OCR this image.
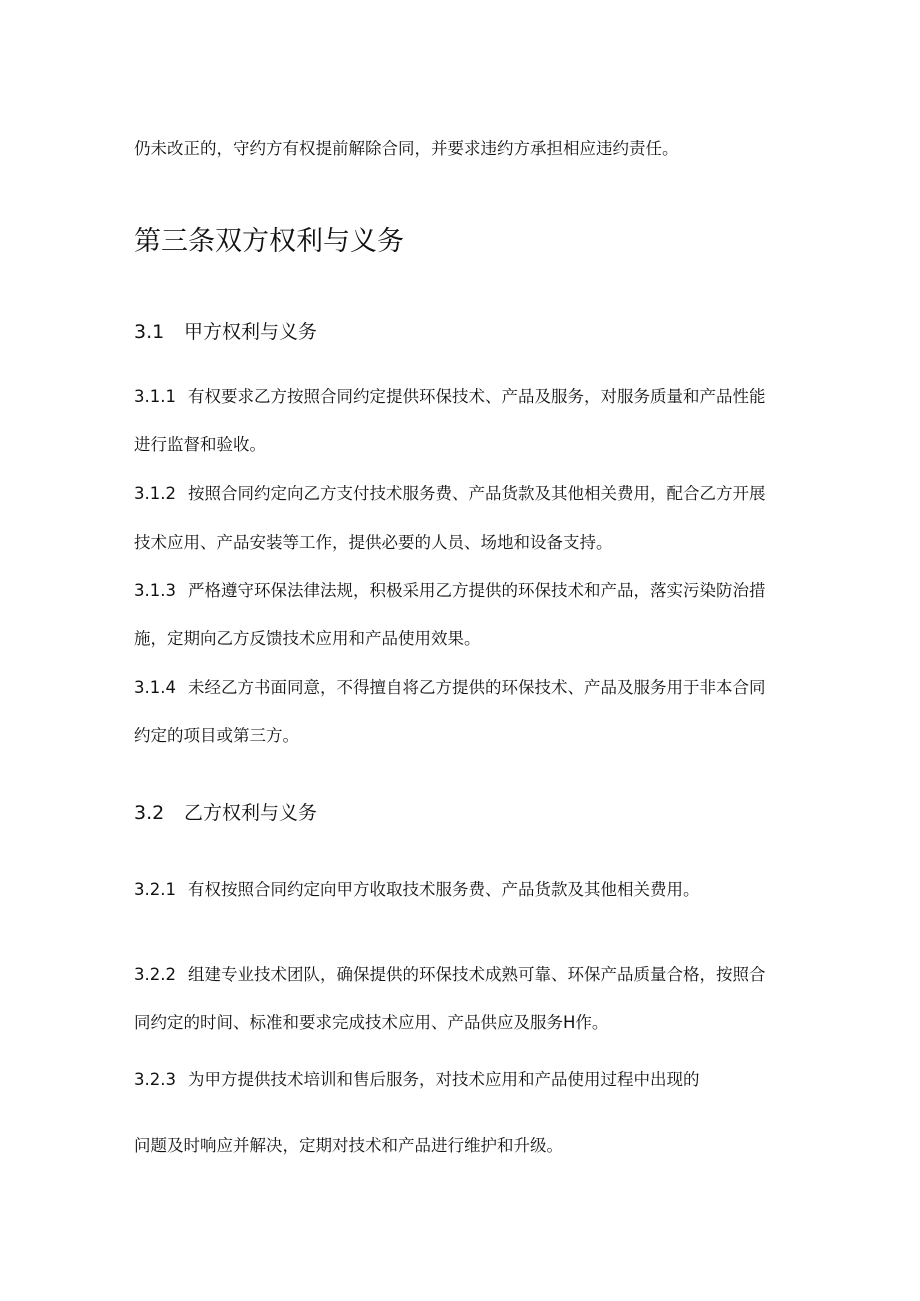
仍未改正的，守约方有权提前解除合同，并要求违约方承担相应违约责任。

第三条双方权利与义务
3.1 甲方权利与义务

3.1.1 有权要求乙方按照合同约定提供环保技术、产品及服务，对服务质量和产品性能

进行监督和验收。

3.1.2 按照合同约定向乙方支付技术服务费、产品货款及其他相关费用，配合乙方开展

技术应用、产品安装等工作，提供必要的人员、场地和设备支持。

3.1.3 严格遵守环保法律法规，积极采用乙方提供的环保技术和产品，落实污染防治措

施，定期向乙方反馈技术应用和产品使用效果。

3.1.4 未经乙方书面同意，不得擅自将乙方提供的环保技术、产品及服务用于非本合同

约定的项目或第三方。

3.2 乙方权利与义务

3.2.1 有权按照合同约定向甲方收取技术服务费、产品货款及其他相关费用。

3.2.2 组建专业技术团队，确保提供的环保技术成熟可靠、环保产品质量合格，按照合

同约定的时间、标准和要求完成技术应用、产品供应及服务H作。

3.2.3 为甲方提供技术培训和售后服务，对技术应用和产品使用过程中出现的

问题及时响应并解决，定期对技术和产品进行维护和升级。
